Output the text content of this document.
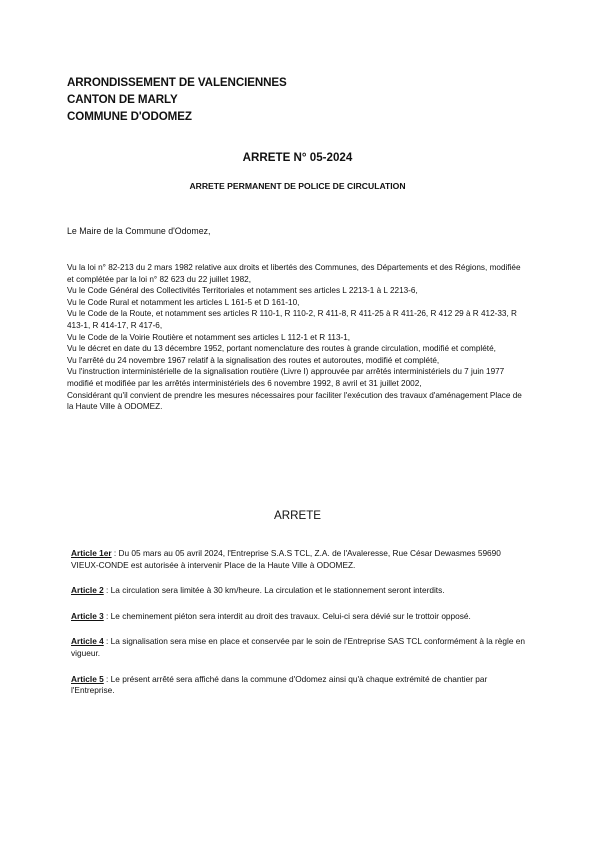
ARRONDISSEMENT DE VALENCIENNES
CANTON DE MARLY
COMMUNE D'ODOMEZ
ARRETE N° 05-2024
ARRETE PERMANENT DE POLICE DE CIRCULATION
Le Maire de la Commune d'Odomez,

Vu la loi n° 82-213 du 2 mars 1982 relative aux droits et libertés des Communes, des Départements et des Régions, modifiée et complétée par la loi n° 82 623 du 22 juillet 1982,

Vu le Code Général des Collectivités Territoriales et notamment ses articles L 2213-1 à L 2213-6,

Vu le Code Rural et notamment les articles L 161-5 et D 161-10,

Vu le Code de la Route, et notamment ses articles R 110-1, R 110-2, R 411-8, R 411-25 à R 411-26, R 412 29 à R 412-33, R 413-1, R 414-17, R 417-6,

Vu le Code de la Voirie Routière et notamment ses articles L 112-1 et R 113-1,

Vu le décret en date du 13 décembre 1952, portant nomenclature des routes à grande circulation, modifié et complété,

Vu l'arrêté du 24 novembre 1967 relatif à la signalisation des routes et autoroutes, modifié et complété,

Vu l'instruction interministérielle de la signalisation routière (Livre I) approuvée par arrêtés interministériels du 7 juin 1977 modifié et modifiée par les arrêtés interministériels des 6 novembre 1992, 8 avril et 31 juillet 2002,

Considérant qu'il convient de prendre les mesures nécessaires pour faciliter l'exécution des travaux d'aménagement Place de la Haute Ville à ODOMEZ.

ARRETE

Article 1er : Du 05 mars au 05 avril 2024, l'Entreprise S.A.S TCL, Z.A. de l'Avaleresse, Rue César Dewasmes 59690 VIEUX-CONDE est autorisée à intervenir Place de la Haute Ville à ODOMEZ.

Article 2 : La circulation sera limitée à 30 km/heure. La circulation et le stationnement seront interdits.

Article 3 : Le cheminement piéton sera interdit au droit des travaux. Celui-ci sera dévié sur le trottoir opposé.

Article 4 : La signalisation sera mise en place et conservée par le soin de l'Entreprise SAS TCL conformément à la règle en vigueur.

Article 5 : Le présent arrêté sera affiché dans la commune d'Odomez ainsi qu'à chaque extrémité de chantier par l'Entreprise.
